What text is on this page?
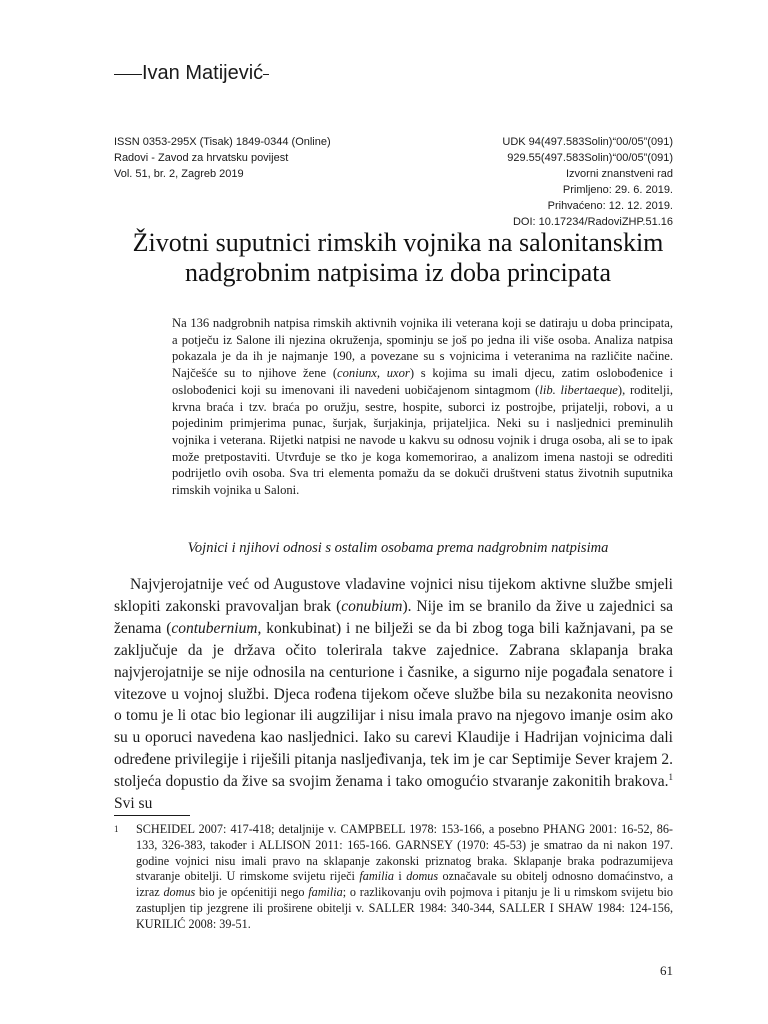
Ivan Matijević
ISSN 0353-295X (Tisak) 1849-0344 (Online)
Radovi - Zavod za hrvatsku povijest
Vol. 51, br. 2, Zagreb 2019
UDK 94(497.583Solin)“00/05”(091)
929.55(497.583Solin)“00/05”(091)
Izvorni znanstveni rad
Primljeno: 29. 6. 2019.
Prihvaćeno: 12. 12. 2019.
DOI: 10.17234/RadoviZHP.51.16
Životni suputnici rimskih vojnika na salonitanskim
nadgrobnim natpisima iz doba principata

Na 136 nadgrobnih natpisa rimskih aktivnih vojnika ili veterana koji se datiraju u doba principata, a potječu iz Salone ili njezina okruženja, spominju se još po jedna ili više osoba. Analiza natpisa pokazala je da ih je najmanje 190, a povezane su s vojnicima i veteranima na različite načine. Najčešće su to njihove žene (coniunx, uxor) s kojima su imali djecu, zatim oslobođenice i oslobođenici koji su imenovani ili navedeni uobičajenom sintagmom (lib. libertaeque), roditelji, krvna braća i tzv. braća po oružju, sestre, hospite, suborci iz postrojbe, prijatelji, robovi, a u pojedinim primjerima punac, šurjak, šurjakinja, prijateljica. Neki su i nasljednici preminulih vojnika i veterana. Rijetki natpisi ne navode u kakvu su odnosu vojnik i druga osoba, ali se to ipak može pretpostaviti. Utvrđuje se tko je koga komemorirao, a analizom imena nastoji se odrediti podrijetlo ovih osoba. Sva tri elementa pomažu da se dokuči društveni status životnih suputnika rimskih vojnika u Saloni.

Vojnici i njihovi odnosi s ostalim osobama prema nadgrobnim natpisima

Najvjerojatnije već od Augustove vladavine vojnici nisu tijekom aktivne službe smjeli sklopiti zakonski pravovaljan brak (conubium). Nije im se branilo da žive u zajednici sa ženama (contubernium, konkubinat) i ne bilježi se da bi zbog toga bili kažnjavani, pa se zaključuje da je država očito tolerirala takve zajednice. Zabrana sklapanja braka najvjerojatnije se nije odnosila na centurione i časnike, a sigurno nije pogađala senatore i vitezove u vojnoj službi. Djeca rođena tijekom očeve službe bila su nezakonita neovisno o tomu je li otac bio legionar ili augzilijar i nisu imala pravo na njegovo imanje osim ako su u oporuci navedena kao nasljednici. Iako su carevi Klaudije i Hadrijan vojnicima dali određene privilegije i riješili pitanja nasljeđivanja, tek im je car Septimije Sever krajem 2. stoljeća dopustio da žive sa svojim ženama i tako omogućio stvaranje zakonitih brakova.$^1$ Svi su

1	SCHEIDEL 2007: 417-418; detaljnije v. CAMPBELL 1978: 153-166, a posebno PHANG 2001: 16-52, 86-133, 326-383, također i ALLISON 2011: 165-166. GARNSEY (1970: 45-53) je smatrao da ni nakon 197. godine vojnici nisu imali pravo na sklapanje zakonski priznatog braka. Sklapanje braka podrazumijeva stvaranje obitelji. U rimskome svijetu riječi familia i domus označavale su obitelj odnosno domaćinstvo, a izraz domus bio je općenitiji nego familia; o razlikovanju ovih pojmova i pitanju je li u rimskom svijetu bio zastupljen tip jezgrene ili proširene obitelji v. SALLER 1984: 340-344, SALLER I SHAW 1984: 124-156, KURILIĆ 2008: 39-51.
61
